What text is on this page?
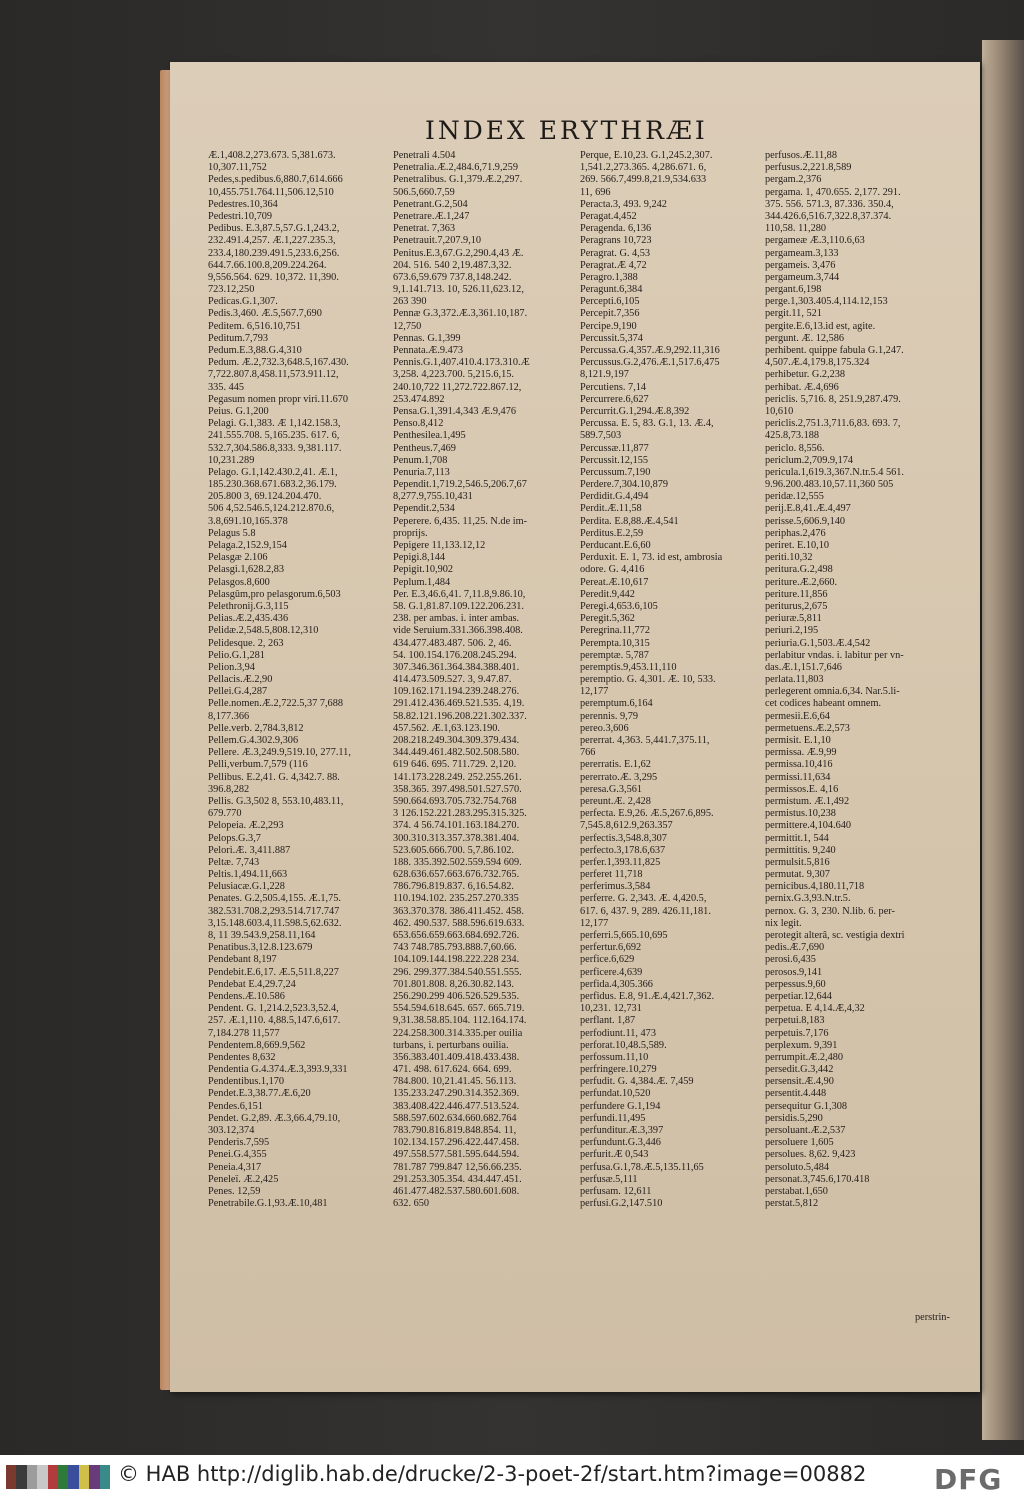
INDEX ERYTHRÆI
Æ.1,408.2,273.673. 5,381.673.
10,307.11,752
Pedes,s.pedibus.6,880.7,614.666
10,455.751.764.11,506.12,510
Pedestres.10,364
Pedestri.10,709
Pedibus. E.3,87.5,57.G.1,243.2,
232.491.4,257. Æ.1,227.235.3,
233.4,180.239.491.5,233.6,256.
644.7.66.100.8,209.224.264.
9,556.564. 629. 10,372. 11,390.
723.12,250
Pedicas.G.1,307.
Pedis.3,460. Æ.5,567.7,690
Peditem. 6,516.10,751
Peditum.7,793
Pedum.E.3,88.G.4,310
Pedum. Æ.2,732.3,648.5,167.430.
7,722.807.8,458.11,573.911.12,
335. 445
Pegasum nomen propr viri.11.670
Peius. G.1,200
Pelagi. G.1,383. Æ 1,142.158.3,
241.555.708. 5,165.235. 617. 6,
532.7,304.586.8,333. 9,381.117.
10,231.289
Pelago. G.1,142.430.2,41. Æ.1,
185.230.368.671.683.2,36.179.
205.800 3, 69.124.204.470.
506 4,52.546.5,124.212.870.6,
3.8,691.10,165.378
Pelagus 5.8
Pelaga.2,152.9,154
Pelasgæ 2.106
Pelasgi.1,628.2,83
Pelasgos.8,600
Pelasgûm,pro pelasgorum.6,503
Pelethronij.G.3,115
Pelias.Æ.2,435.436
Pelidæ.2,548.5,808.12,310
Pelidesque. 2, 263
Pelio.G.1,281
Pelion.3,94
Pellacis.Æ.2,90
Pellei.G.4,287
Pelle.nomen.Æ.2,722.5,37 7,688
8,177.366
Pelle.verb. 2,784.3,812
Pellem.G.4.302.9,306
Pellere. Æ.3,249.9,519.10, 277.11,
Pelli,verbum.7,579 (116
Pellibus. E.2,41. G. 4,342.7. 88.
396.8,282
Pellis. G.3,502 8, 553.10,483.11,
679.770
Pelopeia. Æ.2,293
Pelops.G.3,7
Pelori.Æ. 3,411.887
Peltæ. 7,743
Peltis.1,494.11,663
Pelusiacæ.G.1,228
Penates. G.2,505.4,155. Æ.1,75.
382.531.708.2,293.514.717.747
3,15.148.603.4,11.598.5,62.632.
8, 11 39.543.9,258.11,164
Penatibus.3,12.8.123.679
Pendebant 8,197
Pendebit.E.6,17. Æ.5,511.8,227
Pendebat E.4,29.7,24
Pendens.Æ.10.586
Pendent. G. 1,214.2,523.3,52.4,
257. Æ.1,110. 4,88.5,147.6,617.
7,184.278 11,577
Pendentem.8,669.9,562
Pendentes 8,632
Pendentia G.4.374.Æ.3,393.9,331
Pendentibus.1,170
Pendet.E.3,38.77.Æ.6,20
Pendes.6,151
Pendet. G.2,89. Æ.3,66.4,79.10,
303.12,374
Penderis.7,595
Penei.G.4,355
Peneia.4,317
Peneleï. Æ.2,425
Penes. 12,59
Penetrabile.G.1,93.Æ.10,481
Penetrali 4.504
Penetralia.Æ.2,484.6,71.9,259
Penetralibus. G.1,379.Æ.2,297.
506.5,660.7,59
Penetrant.G.2,504
Penetrare.Æ.1,247
Penetrat. 7,363
Penetrauit.7,207.9,10
Penitus.E.3,67.G.2,290.4,43 Æ.
204. 516. 540 2,19.487.3,32.
673.6,59.679 737.8,148.242.
9,1.141.713. 10, 526.11,623.12,
263 390
Pennæ G.3,372.Æ.3,361.10,187.
12,750
Pennas. G.1,399
Pennata.Æ.9.473
Pennis.G.1,407.410.4.173.310.Æ
3,258. 4,223.700. 5,215.6,15.
240.10,722 11,272.722.867.12,
253.474.892
Pensa.G.1,391.4,343 Æ.9,476
Penso.8,412
Penthesilea.1,495
Pentheus.7,469
Penum.1,708
Penuria.7,113
Pependit.1,719.2,546.5,206.7,67
8,277.9,755.10,431
Pependit.2,534
Peperere. 6,435. 11,25. N.de im-
proprijs.
Pepigere 11,133.12,12
Pepigi.8,144
Pepigit.10,902
Peplum.1,484
Per. E.3,46.6,41. 7,11.8,9.86.10,
58. G.1,81.87.109.122.206.231.
238. per ambas. i. inter ambas.
vide Seruium.331.366.398.408.
434.477.483.487. 506. 2, 46.
54. 100.154.176.208.245.294.
307.346.361.364.384.388.401.
414.473.509.527. 3, 9.47.87.
109.162.171.194.239.248.276.
291.412.436.469.521.535. 4,19.
58.82.121.196.208.221.302.337.
457.562. Æ.1,63.123.190.
208.218.249.304.309.379.434.
344.449.461.482.502.508.580.
619 646. 695. 711.729. 2,120.
141.173.228.249. 252.255.261.
358.365. 397.498.501.527.570.
590.664.693.705.732.754.768
3 126.152.221.283.295.315.325.
374. 4 56.74.101.163.184.270.
300.310.313.357.378.381.404.
523.605.666.700. 5,7.86.102.
188. 335.392.502.559.594 609.
628.636.657.663.676.732.765.
786.796.819.837. 6,16.54.82.
110.194.102. 235.257.270.335
363.370.378. 386.411.452. 458.
462. 490.537. 588.596.619.633.
653.656.659.663.684.692.726.
743 748.785.793.888.7,60.66.
104.109.144.198.222.228 234.
296. 299.377.384.540.551.555.
701.801.808. 8,26.30.82.143.
256.290.299 406.526.529.535.
554.594.618.645. 657. 665.719.
9,31.38.58.85.104. 112.164.174.
224.258.300.314.335.per ouilia
turbans, i. perturbans ouilia.
356.383.401.409.418.433.438.
471. 498. 617.624. 664. 699.
784.800. 10,21.41.45. 56.113.
135.233.247.290.314.352.369.
383.408.422.446.477.513.524.
588.597.602.634.660.682.764
783.790.816.819.848.854. 11,
102.134.157.296.422.447.458.
497.558.577.581.595.644.594.
781.787 799.847 12,56.66.235.
291.253.305.354. 434.447.451.
461.477.482.537.580.601.608.
632. 650
Perque, E.10,23. G.1,245.2,307.
1,541.2,273.365. 4,286.671. 6,
269. 566.7,499.8,21.9,534.633
11, 696
Peracta.3, 493. 9,242
Peragat.4,452
Peragenda. 6,136
Peragrans 10,723
Peragrat. G. 4,53
Peragrat.Æ 4,72
Peragro.1,388
Peragunt.6,384
Percepti.6,105
Percepit.7,356
Percipe.9,190
Percussit.5,374
Percussa.G.4,357.Æ.9,292.11,316
Percussus.G.2,476.Æ.1,517.6,475
8,121.9,197
Percutiens. 7,14
Percurrere.6,627
Percurrit.G.1,294.Æ.8,392
Percussa. E. 5, 83. G.1, 13. Æ.4,
589.7,503
Percussæ.11,877
Percussit.12,155
Percussum.7,190
Perdere.7,304.10,879
Perdidit.G.4,494
Perdit.Æ.11,58
Perdita. E.8,88.Æ.4,541
Perditus.E.2,59
Perducant.E.6,60
Perduxit. E. 1, 73. id est, ambrosia
odore. G. 4,416
Pereat.Æ.10,617
Peredit.9,442
Peregi.4,653.6,105
Peregit.5,362
Peregrina.11,772
Perempta.10,315
peremptæ. 5,787
peremptis.9,453.11,110
peremptio. G. 4,301. Æ. 10, 533.
12,177
peremptum.6,164
perennis. 9,79
pereo.3,606
pererrat. 4,363. 5,441.7,375.11,
766
pererratis. E.1,62
pererrato.Æ. 3,295
peresa.G.3,561
pereunt.Æ. 2,428
perfecta. E.9,26. Æ.5,267.6,895.
7,545.8,612.9,263.357
perfectis.3,548.8,307
perfecto.3,178.6,637
perfer.1,393.11,825
perferet 11,718
perferimus.3,584
perferre. G. 2,343. Æ. 4,420.5,
617. 6, 437. 9, 289. 426.11,181.
12,177
perferri.5,665.10,695
perfertur.6,692
perfice.6,629
perficere.4,639
perfida.4,305.366
perfidus. E.8, 91.Æ.4,421.7,362.
10,231. 12,731
perflant. 1,87
perfodiunt.11, 473
perforat.10,48.5,589.
perfossum.11,10
perfringere.10,279
perfudit. G. 4,384.Æ. 7,459
perfundat.10,520
perfundere G.1,194
perfundi.11,495
perfunditur.Æ.3,397
perfundunt.G.3,446
perfurit.Æ 0,543
perfusa.G.1,78.Æ.5,135.11,65
perfusæ.5,111
perfusam. 12,611
perfusi.G.2,147.510
perfusos.Æ.11,88
perfusus.2,221.8,589
pergam.2,376
pergama. 1, 470.655. 2,177. 291.
375. 556. 571.3, 87.336. 350.4,
344.426.6,516.7,322.8,37.374.
110,58. 11,280
pergameæ Æ.3,110.6,63
pergameam.3,133
pergameis. 3,476
pergameum.3,744
pergant.6,198
perge.1,303.405.4,114.12,153
pergit.11, 521
pergite.E.6,13.id est, agite.
pergunt. Æ. 12,586
perhibent. quippe fabula G.1,247.
4,507.Æ.4,179.8,175.324
perhibetur. G.2,238
perhibat. Æ.4,696
periclis. 5,716. 8, 251.9,287.479.
10,610
periclis.2,751.3,711.6,83. 693. 7,
425.8,73.188
periclo. 8,556.
periclum.2,709.9,174
pericula.1,619.3,367.N.tr.5.4 561.
9.96.200.483.10,57.11,360 505
peridæ.12,555
perij.E.8,41.Æ.4,497
perisse.5,606.9,140
periphas.2,476
periret. E.10,10
periti.10,32
peritura.G.2,498
periture.Æ.2,660.
periture.11,856
periturus,2,675
periuræ.5,811
periuri.2,195
periuria.G.1,503.Æ.4,542
perlabitur vndas. i. labitur per vn-
das.Æ.1,151.7,646
perlata.11,803
perlegerent omnia.6,34. Nar.5.li-
cet codices habeant omnem.
permesii.E.6,64
permetuens.Æ.2,573
permisit. E.1,10
permissa. Æ.9,99
permissa.10,416
permissi.11,634
permissos.E. 4,16
permistum. Æ.1,492
permistus.10,238
permittere.4,104.640
permittit.1, 544
permittitis. 9,240
permulsit.5,816
permutat. 9,307
pernicibus.4,180.11,718
pernix.G.3,93.N.tr.5.
pernox. G. 3, 230. N.lib. 6. per-
nix legit.
perotegit alterâ, sc. vestigia dextri
pedis.Æ.7,690
perosi.6,435
perosos.9,141
perpessus.9,60
perpetiar.12,644
perpetua. E 4,14.Æ,4,32
perpetui.8,183
perpetuis.7,176
perplexum. 9,391
perrumpit.Æ.2,480
persedit.G.3,442
persensit.Æ.4,90
persentit.4.448
persequitur G.1,308
persidis.5,290
persoluant.Æ.2,537
persoluere 1,605
persolues. 8,62. 9,423
persoluto.5,484
personat.3,745.6,170.418
perstabat.1,650
perstat.5,812
perstrin-
© HAB http://diglib.hab.de/drucke/2-3-poet-2f/start.htm?image=00882 DFG
